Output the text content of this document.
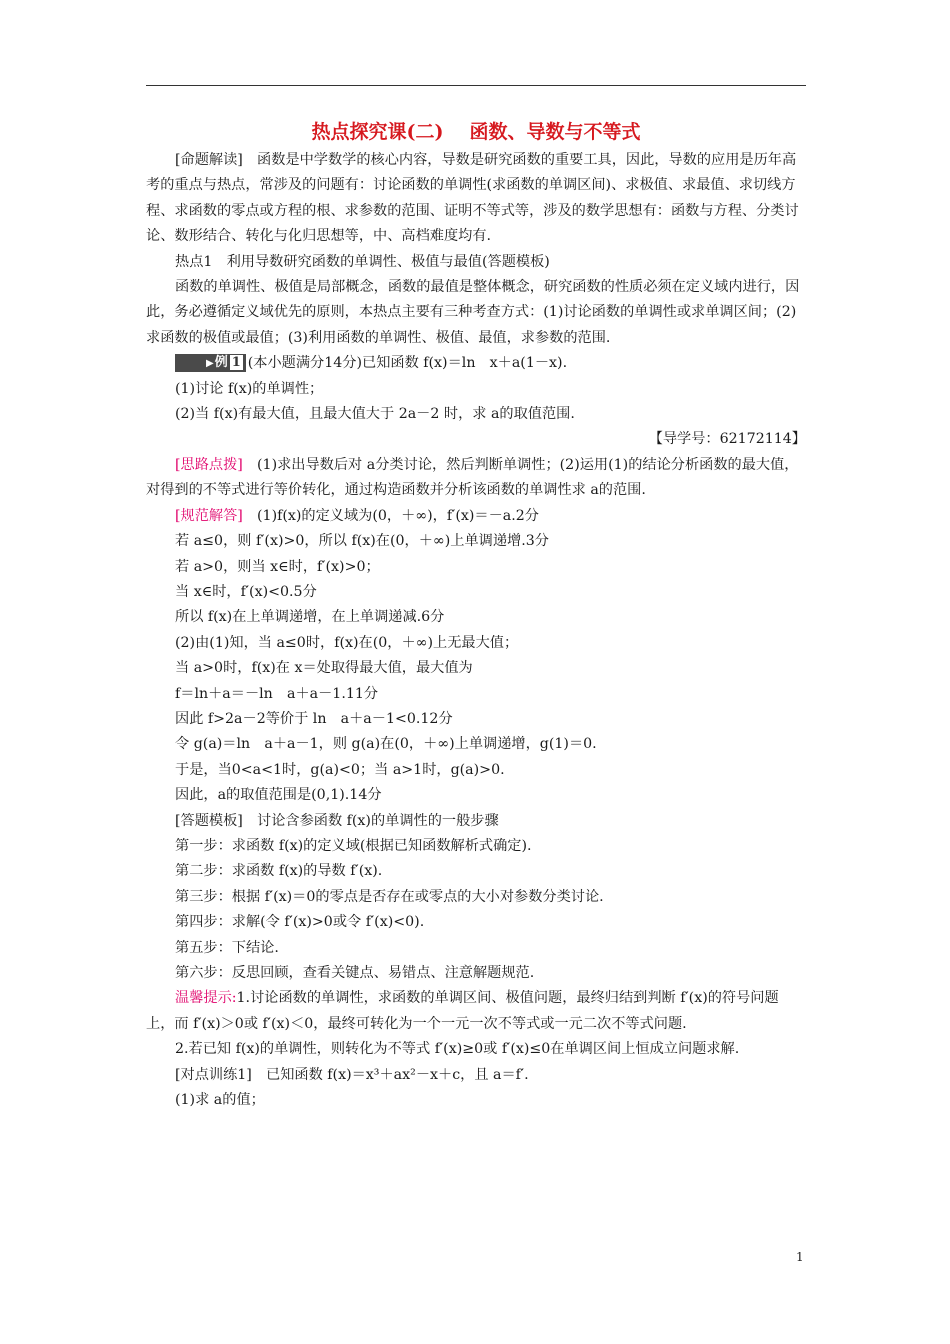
热点探究课(二) 函数、导数与不等式

[命题解读]　函数是中学数学的核心内容，导数是研究函数的重要工具，因此，导数的应用是历年高考的重点与热点，常涉及的问题有：讨论函数的单调性(求函数的单调区间)、求极值、求最值、求切线方程、求函数的零点或方程的根、求参数的范围、证明不等式等，涉及的数学思想有：函数与方程、分类讨论、数形结合、转化与化归思想等，中、高档难度均有.

热点1　利用导数研究函数的单调性、极值与最值(答题模板)

函数的单调性、极值是局部概念，函数的最值是整体概念，研究函数的性质必须在定义域内进行，因此，务必遵循定义域优先的原则，本热点主要有三种考查方式：(1)讨论函数的单调性或求单调区间；(2)求函数的极值或最值；(3)利用函数的单调性、极值、最值，求参数的范围.

▶例 1 (本小题满分14分)已知函数 f(x)＝ln　x＋a(1－x).

(1)讨论 f(x)的单调性；

(2)当 f(x)有最大值，且最大值大于 2a－2 时，求 a的取值范围.

【导学号：62172114】

[思路点拨]　(1)求出导数后对 a分类讨论，然后判断单调性；(2)运用(1)的结论分析函数的最大值，对得到的不等式进行等价转化，通过构造函数并分析该函数的单调性求 a的范围.

[规范解答]　(1)f(x)的定义域为(0，＋∞)，f′(x)＝－a.2分

若 a≤0，则 f′(x)>0，所以 f(x)在(0，＋∞)上单调递增.3分

若 a>0，则当 x∈时，f′(x)>0；

当 x∈时，f′(x)<0.5分

所以 f(x)在上单调递增，在上单调递减.6分

(2)由(1)知，当 a≤0时，f(x)在(0，＋∞)上无最大值；

当 a>0时，f(x)在 x＝处取得最大值，最大值为

f＝ln＋a＝－ln　a＋a－1.11分

因此 f>2a－2等价于 ln　a＋a－1<0.12分

令 g(a)＝ln　a＋a－1，则 g(a)在(0，＋∞)上单调递增，g(1)＝0.

于是，当0<a<1时，g(a)<0；当 a>1时，g(a)>0.

因此，a的取值范围是(0,1).14分

[答题模板]　讨论含参函数 f(x)的单调性的一般步骤

第一步：求函数 f(x)的定义域(根据已知函数解析式确定).

第二步：求函数 f(x)的导数 f′(x).

第三步：根据 f′(x)＝0的零点是否存在或零点的大小对参数分类讨论.

第四步：求解(令 f′(x)>0或令 f′(x)<0).

第五步：下结论.

第六步：反思回顾，查看关键点、易错点、注意解题规范.

温馨提示:1.讨论函数的单调性，求函数的单调区间、极值问题，最终归结到判断 f′(x)的符号问题上，而 f′(x)＞0或 f′(x)＜0，最终可转化为一个一元一次不等式或一元二次不等式问题.

2.若已知 f(x)的单调性，则转化为不等式 f′(x)≥0或 f′(x)≤0在单调区间上恒成立问题求解.

[对点训练1]　已知函数 f(x)＝x³＋ax²－x＋c，且 a＝f′.

(1)求 a的值；

1
